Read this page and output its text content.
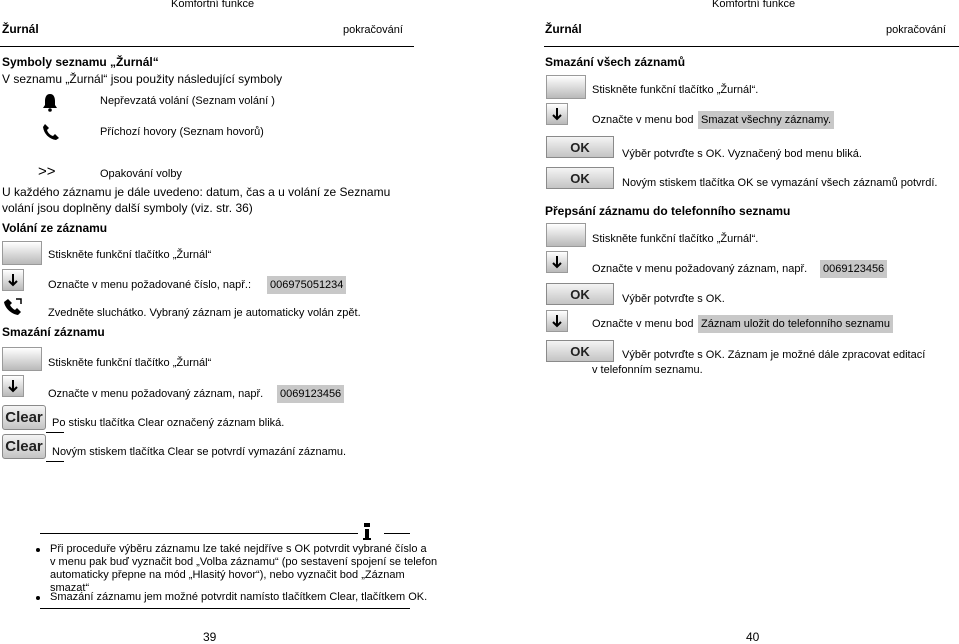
Komfortní funkce
Žurnál	pokračování
Symboly seznamu „Žurnál“
V seznamu „Žurnál“ jsou použity následující symboly
Nepřevzatá volání (Seznam volání )
Příchozí hovory (Seznam hovorů)
>>	Opakování volby
U každého záznamu je dále uvedeno: datum, čas a u volání ze Seznamu
volání jsou doplněny další symboly (viz. str. 36)
Volání ze záznamu
Stiskněte funkční tlačítko „Žurnál“
Označte v menu požadované číslo, např.: 006975051234
Zvedněte sluchátko. Vybraný záznam je automaticky volán zpět.
Smazání záznamu
Stiskněte funkční tlačítko „Žurnál“
Označte v menu požadovaný záznam, např. 0069123456
Clear Po stisku tlačítka Clear označený záznam bliká.
Clear Novým stiskem tlačítka Clear se potvrdí vymazání záznamu.
Při proceduře výběru záznamu lze také nejdříve s OK potvrdit vybrané číslo a
v menu pak buď vyznačit bod „Volba záznamu“ (po sestavení spojení se telefon
automaticky přepne na mód „Hlasitý hovor“), nebo vyznačit bod „Záznam
smazat“
Smazání záznamu jem možné potvrdit namísto tlačítkem Clear, tlačítkem OK.
39
Komfortní funkce
Žurnál	pokračování
Smazání všech záznamů
Stiskněte funkční tlačítko „Žurnál“.
Označte v menu bod Smazat všechny záznamy.
OK	Výběr potvrďte s OK. Vyznačený bod menu bliká.
OK	Novým stiskem tlačítka OK se vymazání všech záznamů potvrdí.
Přepsání záznamu do telefonního seznamu
Stiskněte funkční tlačítko „Žurnál“.
Označte v menu požadovaný záznam, např. 0069123456
OK	Výběr potvrďte s OK.
Označte v menu bod Záznam uložit do telefonního seznamu
OK	Výběr potvrďte s OK. Záznam je možné dále zpracovat editací
v telefonním seznamu.
40
